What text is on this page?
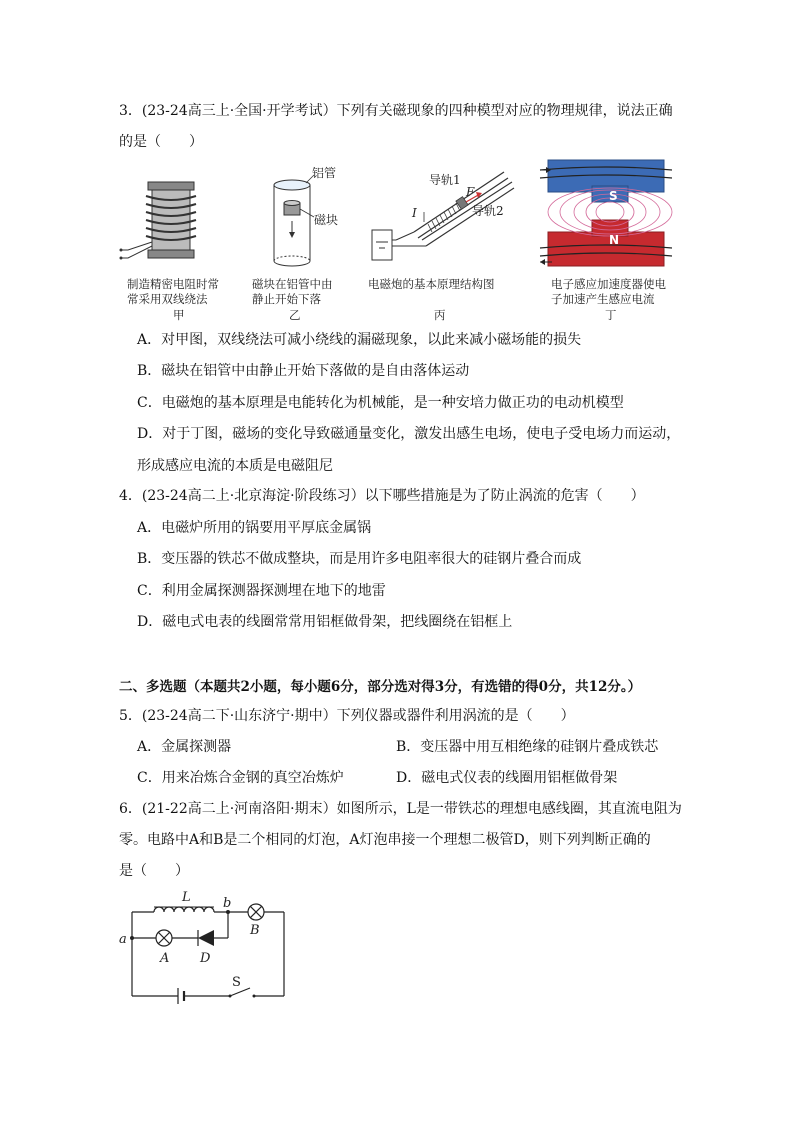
3．(23-24高三上·全国·开学考试）下列有关磁现象的四种模型对应的物理规律，说法正确
的是（　　）
制造精密电阻时常
常采用双线绕法
甲
铝管
磁块
磁块在铝管中由
静止开始下落
乙
导轨1
导轨2
F
I
电磁炮的基本原理结构图
丙
S
N
电子感应加速度器使电
子加速产生感应电流
丁
A．对甲图，双线绕法可减小绕线的漏磁现象，以此来减小磁场能的损失
B．磁块在铝管中由静止开始下落做的是自由落体运动
C．电磁炮的基本原理是电能转化为机械能，是一种安培力做正功的电动机模型
D．对于丁图，磁场的变化导致磁通量变化，激发出感生电场，使电子受电场力而运动，
形成感应电流的本质是电磁阻尼
4．(23-24高二上·北京海淀·阶段练习）以下哪些措施是为了防止涡流的危害（　　）
A．电磁炉所用的锅要用平厚底金属锅
B．变压器的铁芯不做成整块，而是用许多电阻率很大的硅钢片叠合而成
C．利用金属探测器探测埋在地下的地雷
D．磁电式电表的线圈常常用铝框做骨架，把线圈绕在铝框上
二、多选题（本题共2小题，每小题6分，部分选对得3分，有选错的得0分，共12分。）
5．(23-24高二下·山东济宁·期中）下列仪器或器件利用涡流的是（　　）
A．金属探测器	B．变压器中用互相绝缘的硅钢片叠成铁芯
C．用来冶炼合金钢的真空冶炼炉	D．磁电式仪表的线圈用铝框做骨架
6．(21-22高二上·河南洛阳·期末）如图所示，L是一带铁芯的理想电感线圈，其直流电阻为
零。电路中A和B是二个相同的灯泡，A灯泡串接一个理想二极管D，则下列判断正确的
是（　　）
L b
a
A
B
D
S
